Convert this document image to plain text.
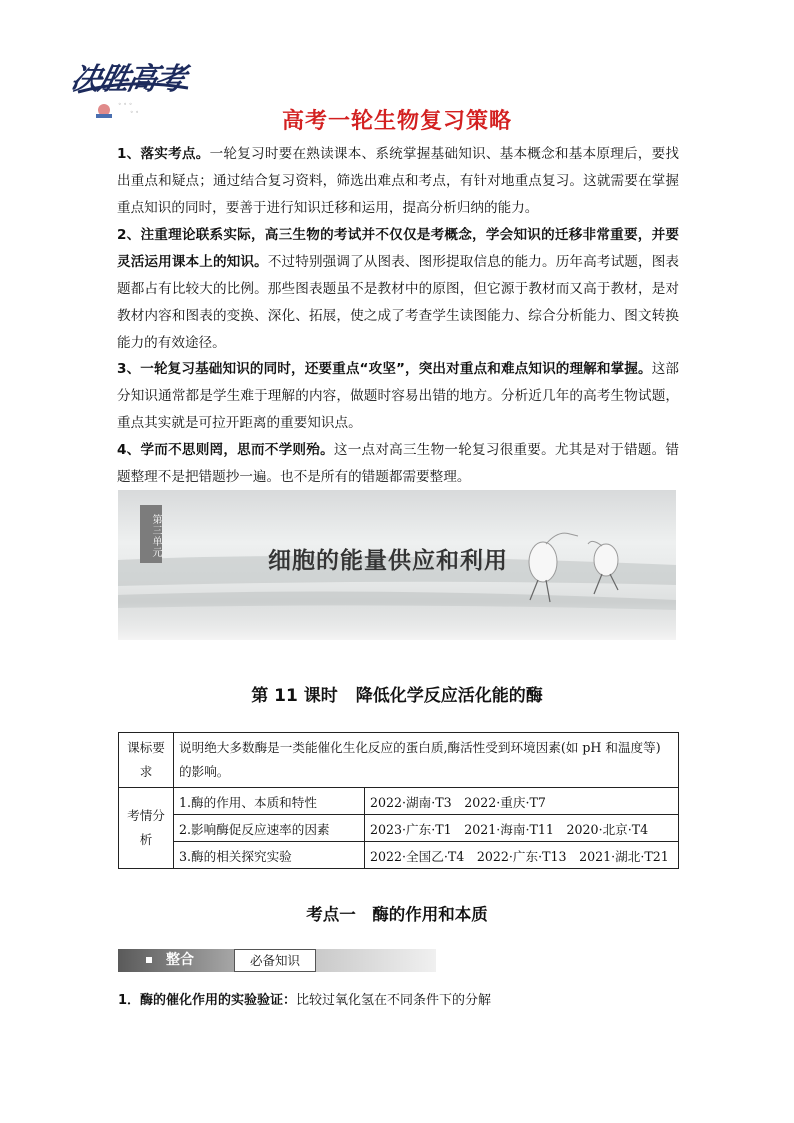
◦ ◦ ◦
◦ ◦
决胜高考
高考一轮生物复习策略
1、落实考点。一轮复习时要在熟读课本、系统掌握基础知识、基本概念和基本原理后，要找出重点和疑点；通过结合复习资料，筛选出难点和考点，有针对地重点复习。这就需要在掌握重点知识的同时，要善于进行知识迁移和运用，提高分析归纳的能力。
2、注重理论联系实际，高三生物的考试并不仅仅是考概念，学会知识的迁移非常重要，并要灵活运用课本上的知识。不过特别强调了从图表、图形提取信息的能力。历年高考试题，图表题都占有比较大的比例。那些图表题虽不是教材中的原图，但它源于教材而又高于教材，是对教材内容和图表的变换、深化、拓展，使之成了考查学生读图能力、综合分析能力、图文转换能力的有效途径。
3、一轮复习基础知识的同时，还要重点“攻坚”，突出对重点和难点知识的理解和掌握。这部分知识通常都是学生难于理解的内容，做题时容易出错的地方。分析近几年的高考生物试题，重点其实就是可拉开距离的重要知识点。
4、学而不思则罔，思而不学则殆。这一点对高三生物一轮复习很重要。尤其是对于错题。错题整理不是把错题抄一遍。也不是所有的错题都需要整理。
第三单元
细胞的能量供应和利用
第 11 课时 降低化学反应活化能的酶
课标要求	说明绝大多数酶是一类能催化生化反应的蛋白质,酶活性受到环境因素(如 pH 和温度等)的影响。	
考情分析	1.酶的作用、本质和特性	2022·湖南·T3　2022·重庆·T7
	2.影响酶促反应速率的因素	2023·广东·T1　2021·海南·T11　2020·北京·T4
	3.酶的相关探究实验	2022·全国乙·T4　2022·广东·T13　2021·湖北·T21
考点一　酶的作用和本质
整合	必备知识
1．酶的催化作用的实验验证：比较过氧化氢在不同条件下的分解
